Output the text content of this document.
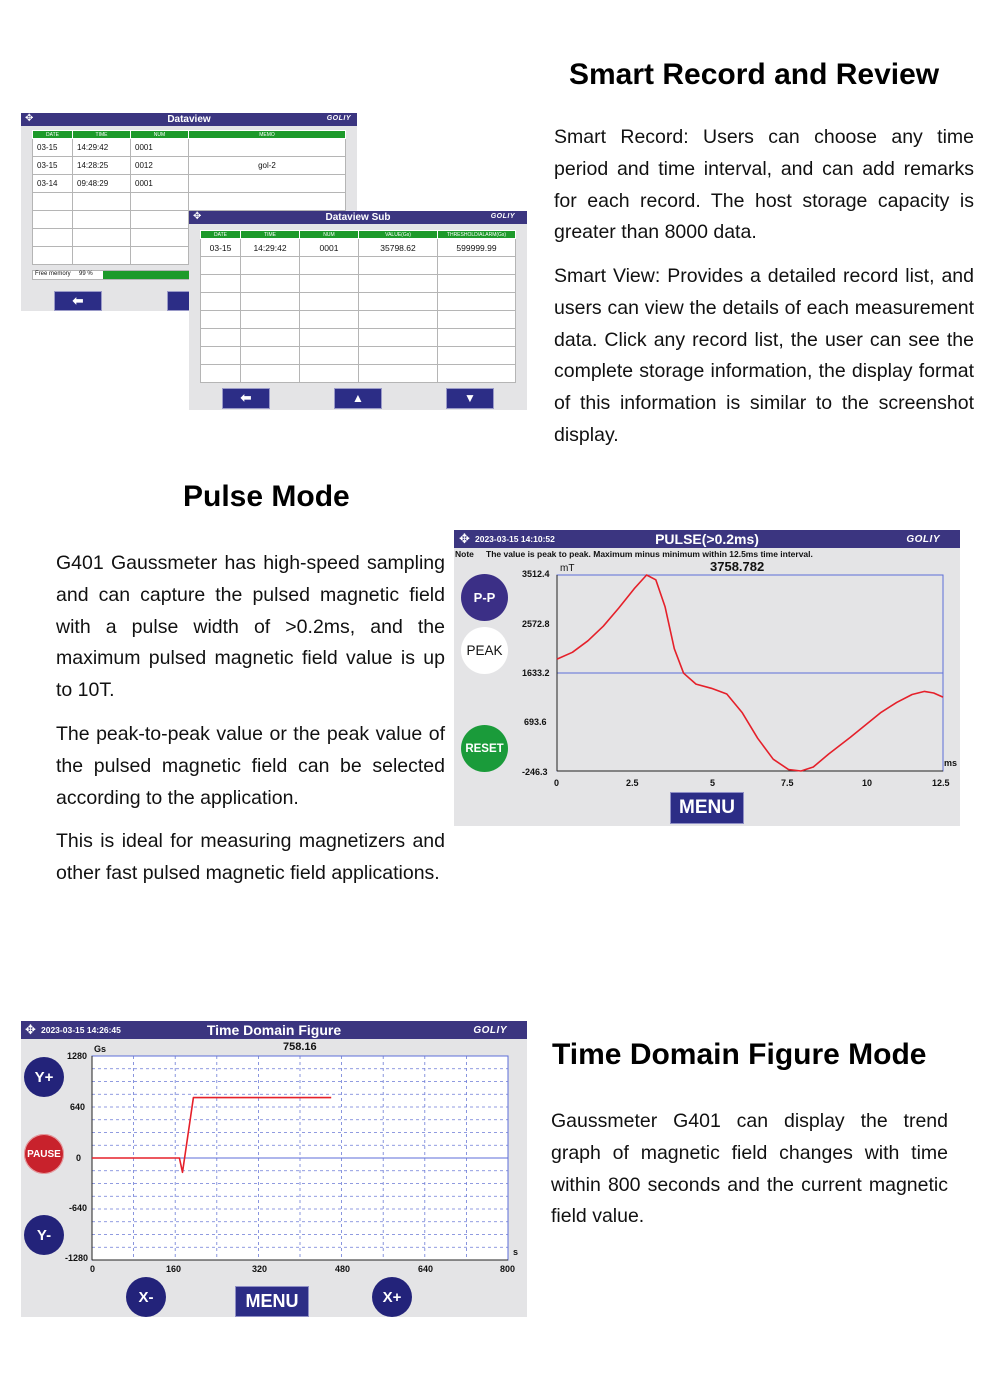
Smart Record and Review

Smart Record: Users can choose any time period and time interval, and can add remarks for each record. The host storage capacity is greater than 8000 data.

Smart View: Provides a detailed record list, and users can view the details of each measurement data. Click any record list, the user can see the complete storage information, the display format of this information is similar to the screenshot display.

✥	Dataview	GOLIY
DATE	TIME	NUM	MEMO
03-15	14:29:42	0001	
03-15	14:28:25	0012	gol-2
03-14	09:48:29	0001	

Free memory 99 %
⬅
✥	Dataview Sub	GOLIY
DATE	TIME	NUM	VALUE(Gs)	THRESHOLD/ALARM(Gs)
03-15	14:29:42	0001	35798.62	599999.99

⬅	▲	▼
Pulse Mode

G401 Gaussmeter has high-speed sampling and can capture the pulsed magnetic field with a pulse width of >0.2ms, and the maximum pulsed magnetic field value is up to 10T.

The peak-to-peak value or the peak value of the pulsed magnetic field can be selected according to the application.

This is ideal for measuring magnetizers and other fast pulsed magnetic field applications.

✥ 2023-03-15 14:10:52	PULSE(>0.2ms)	GOLIY
Note The value is peak to peak. Maximum minus minimum within 12.5ms time interval.
P-P
PEAK
RESET
mT	3758.782
ms
3512.4
2572.8
1633.2
693.6
-246.3
0	2.5	5	7.5	10	12.5
MENU
Time Domain Figure Mode

Gaussmeter G401 can display the trend graph of magnetic field changes with time within 800 seconds and the current magnetic field value.

✥ 2023-03-15 14:26:45	Time Domain Figure	GOLIY
Y+
PAUSE
Y-
Gs	758.16
s
1280
640
0
-640
-1280
0	160	320	480	640	800
X-	MENU	X+
